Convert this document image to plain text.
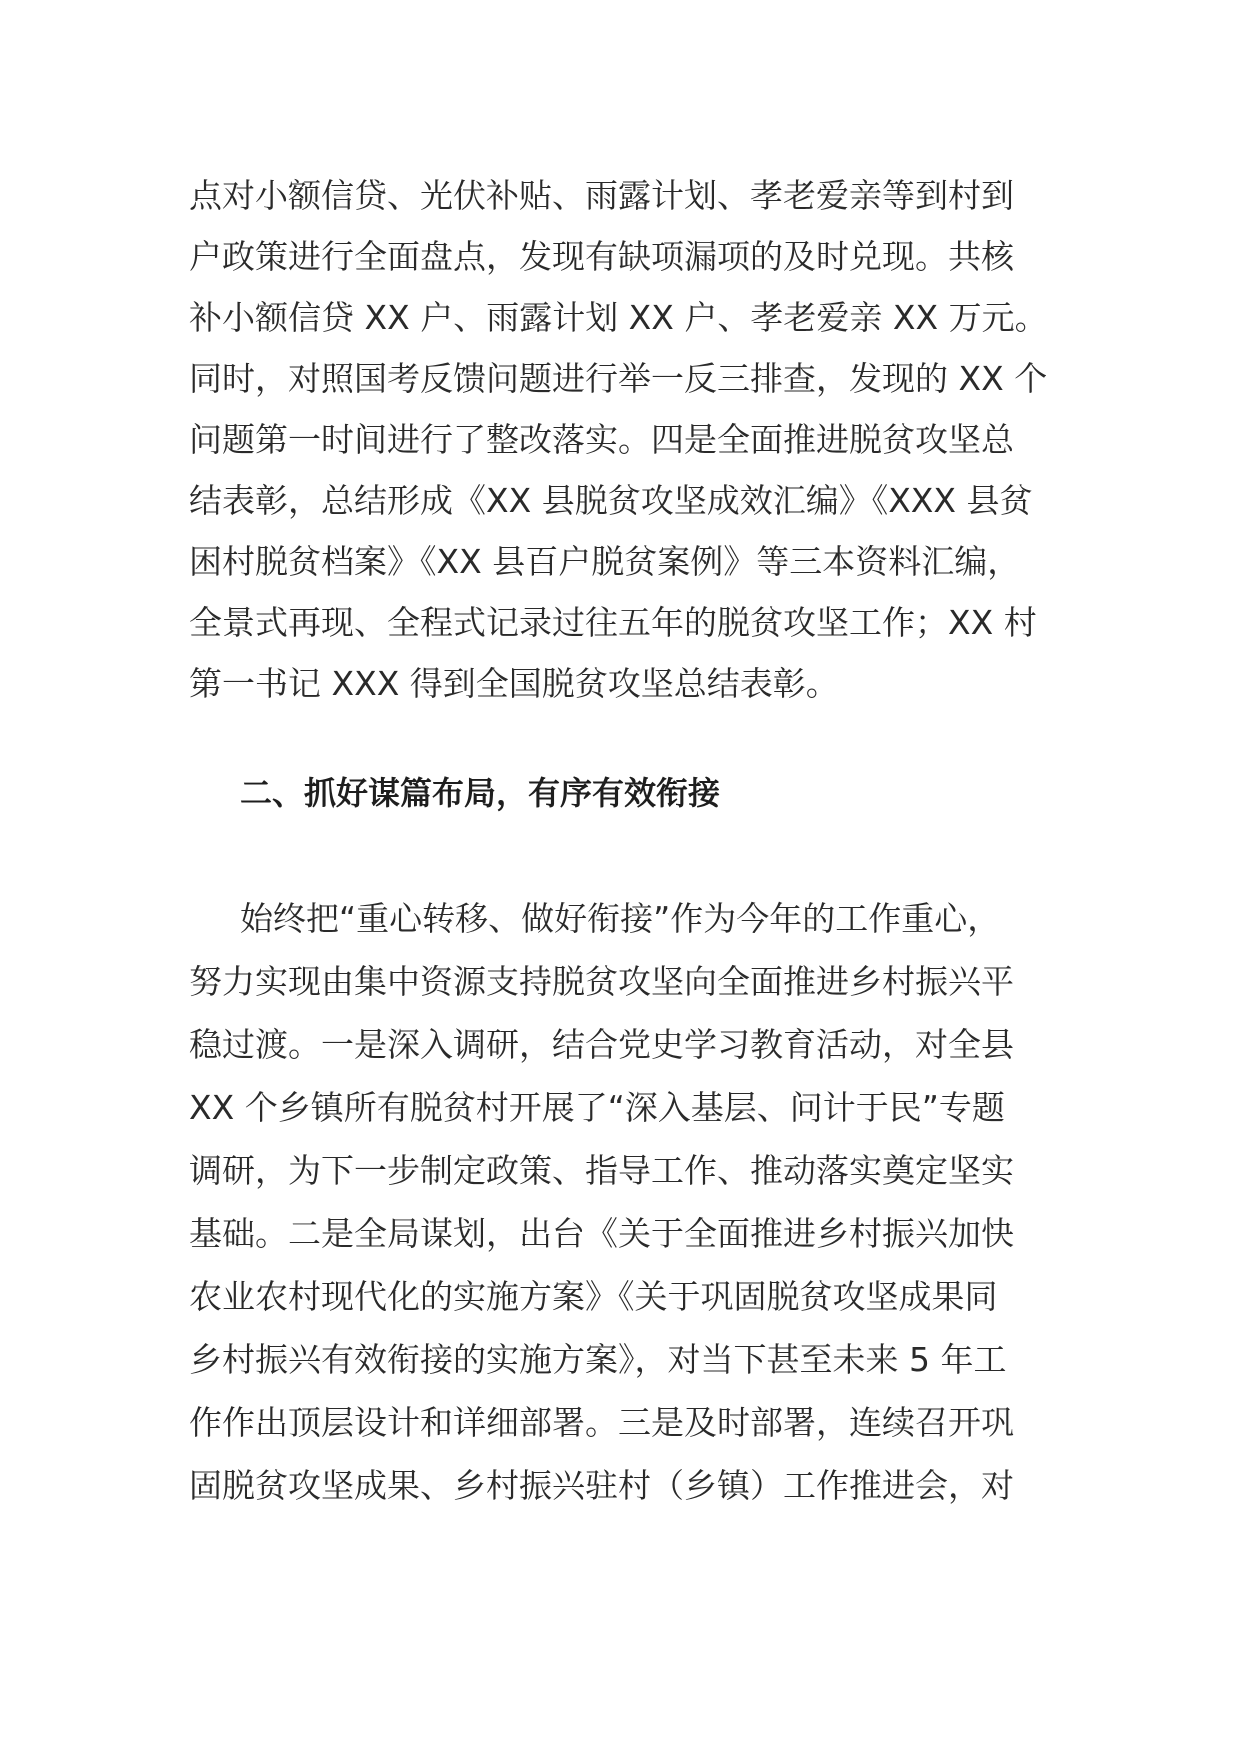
点对小额信贷、光伏补贴、雨露计划、孝老爱亲等到村到
户政策进行全面盘点，发现有缺项漏项的及时兑现。共核
补小额信贷 XX 户、雨露计划 XX 户、孝老爱亲 XX 万元。
同时，对照国考反馈问题进行举一反三排查，发现的 XX 个
问题第一时间进行了整改落实。四是全面推进脱贫攻坚总
结表彰，总结形成《XX 县脱贫攻坚成效汇编》《XXX 县贫
困村脱贫档案》《XX 县百户脱贫案例》等三本资料汇编，
全景式再现、全程式记录过往五年的脱贫攻坚工作；XX 村
第一书记 XXX 得到全国脱贫攻坚总结表彰。
二、抓好谋篇布局，有序有效衔接
始终把“重心转移、做好衔接”作为今年的工作重心，
努力实现由集中资源支持脱贫攻坚向全面推进乡村振兴平
稳过渡。一是深入调研，结合党史学习教育活动，对全县
XX 个乡镇所有脱贫村开展了“深入基层、问计于民”专题
调研，为下一步制定政策、指导工作、推动落实奠定坚实
基础。二是全局谋划，出台《关于全面推进乡村振兴加快
农业农村现代化的实施方案》《关于巩固脱贫攻坚成果同
乡村振兴有效衔接的实施方案》，对当下甚至未来 5 年工
作作出顶层设计和详细部署。三是及时部署，连续召开巩
固脱贫攻坚成果、乡村振兴驻村（乡镇）工作推进会，对
